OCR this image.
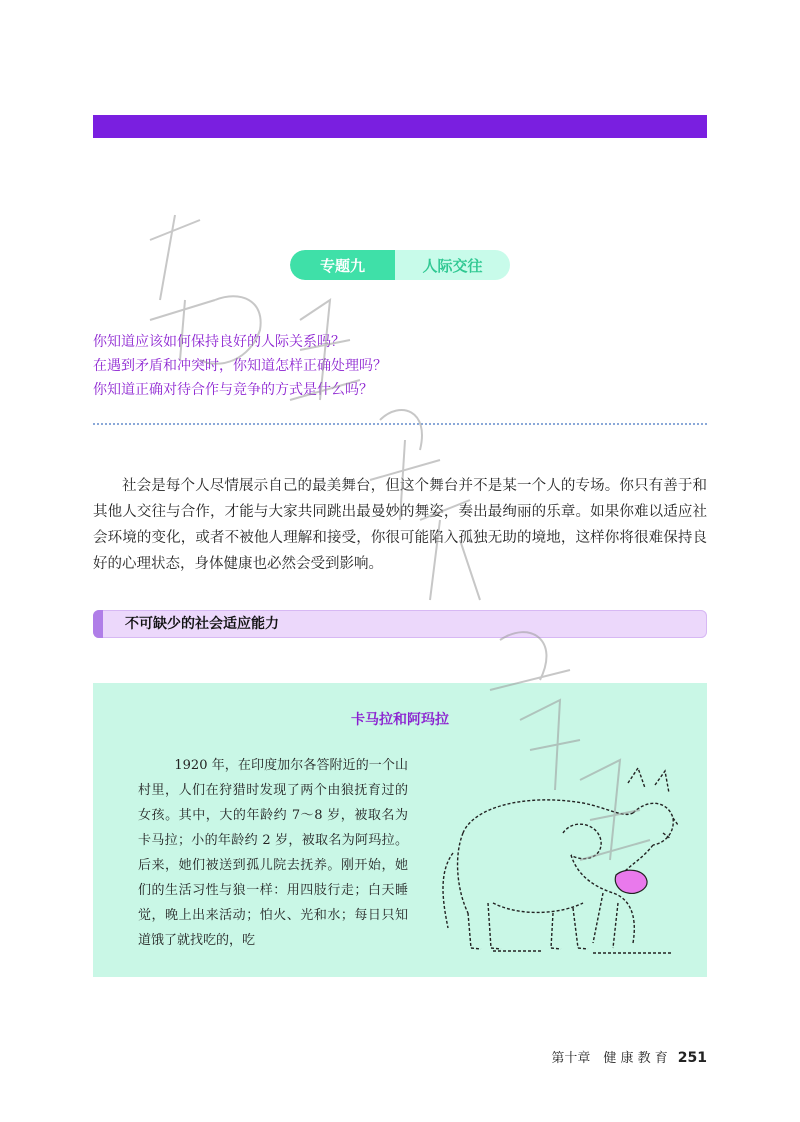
专题九	人际交往
你知道应该如何保持良好的人际关系吗？
在遇到矛盾和冲突时，你知道怎样正确处理吗？
你知道正确对待合作与竞争的方式是什么吗？

社会是每个人尽情展示自己的最美舞台，但这个舞台并不是某一个人的专场。你只有善于和其他人交往与合作，才能与大家共同跳出最曼妙的舞姿，奏出最绚丽的乐章。如果你难以适应社会环境的变化，或者不被他人理解和接受，你很可能陷入孤独无助的境地，这样你将很难保持良好的心理状态，身体健康也必然会受到影响。

不可缺少的社会适应能力
卡马拉和阿玛拉

1920 年，在印度加尔各答附近的一个山村里，人们在狩猎时发现了两个由狼抚育过的女孩。其中，大的年龄约 7～8 岁，被取名为卡马拉；小的年龄约 2 岁，被取名为阿玛拉。后来，她们被送到孤儿院去抚养。刚开始，她们的生活习性与狼一样：用四肢行走；白天睡觉，晚上出来活动；怕火、光和水；每日只知道饿了就找吃的，吃

第十章　健 康 教 育 251
华东师范大学出版社
